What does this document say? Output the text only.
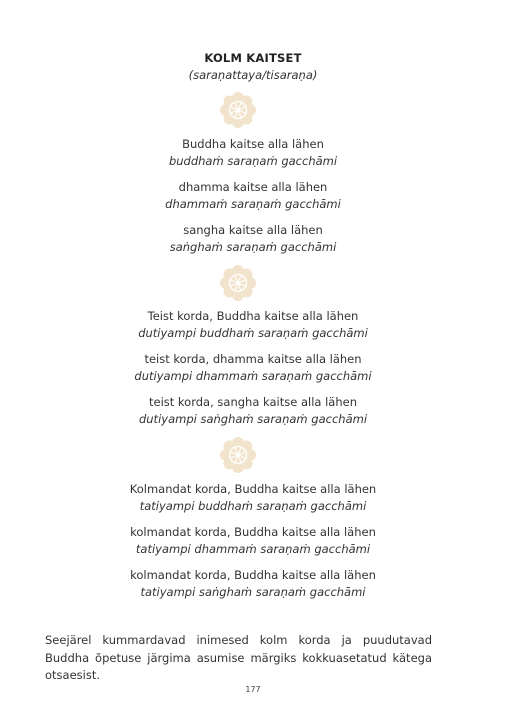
KOLM KAITSET
(saraṇattaya/tisaraṇa)
Buddha kaitse alla lähen
buddhaṁ saraṇaṁ gacchāmi
dhamma kaitse alla lähen
dhammaṁ saraṇaṁ gacchāmi
sangha kaitse alla lähen
saṅghaṁ saraṇaṁ gacchāmi
Teist korda, Buddha kaitse alla lähen
dutiyampi buddhaṁ saraṇaṁ gacchāmi
teist korda, dhamma kaitse alla lähen
dutiyampi dhammaṁ saraṇaṁ gacchāmi
teist korda, sangha kaitse alla lähen
dutiyampi saṅghaṁ saraṇaṁ gacchāmi
Kolmandat korda, Buddha kaitse alla lähen
tatiyampi buddhaṁ saraṇaṁ gacchāmi
kolmandat korda, Buddha kaitse alla lähen
tatiyampi dhammaṁ saraṇaṁ gacchāmi
kolmandat korda, Buddha kaitse alla lähen
tatiyampi saṅghaṁ saraṇaṁ gacchāmi

Seejärel kummardavad inimesed kolm korda ja puudutavad Buddha õpetuse järgima asumise märgiks kokkuasetatud kätega otsaesist.

177
